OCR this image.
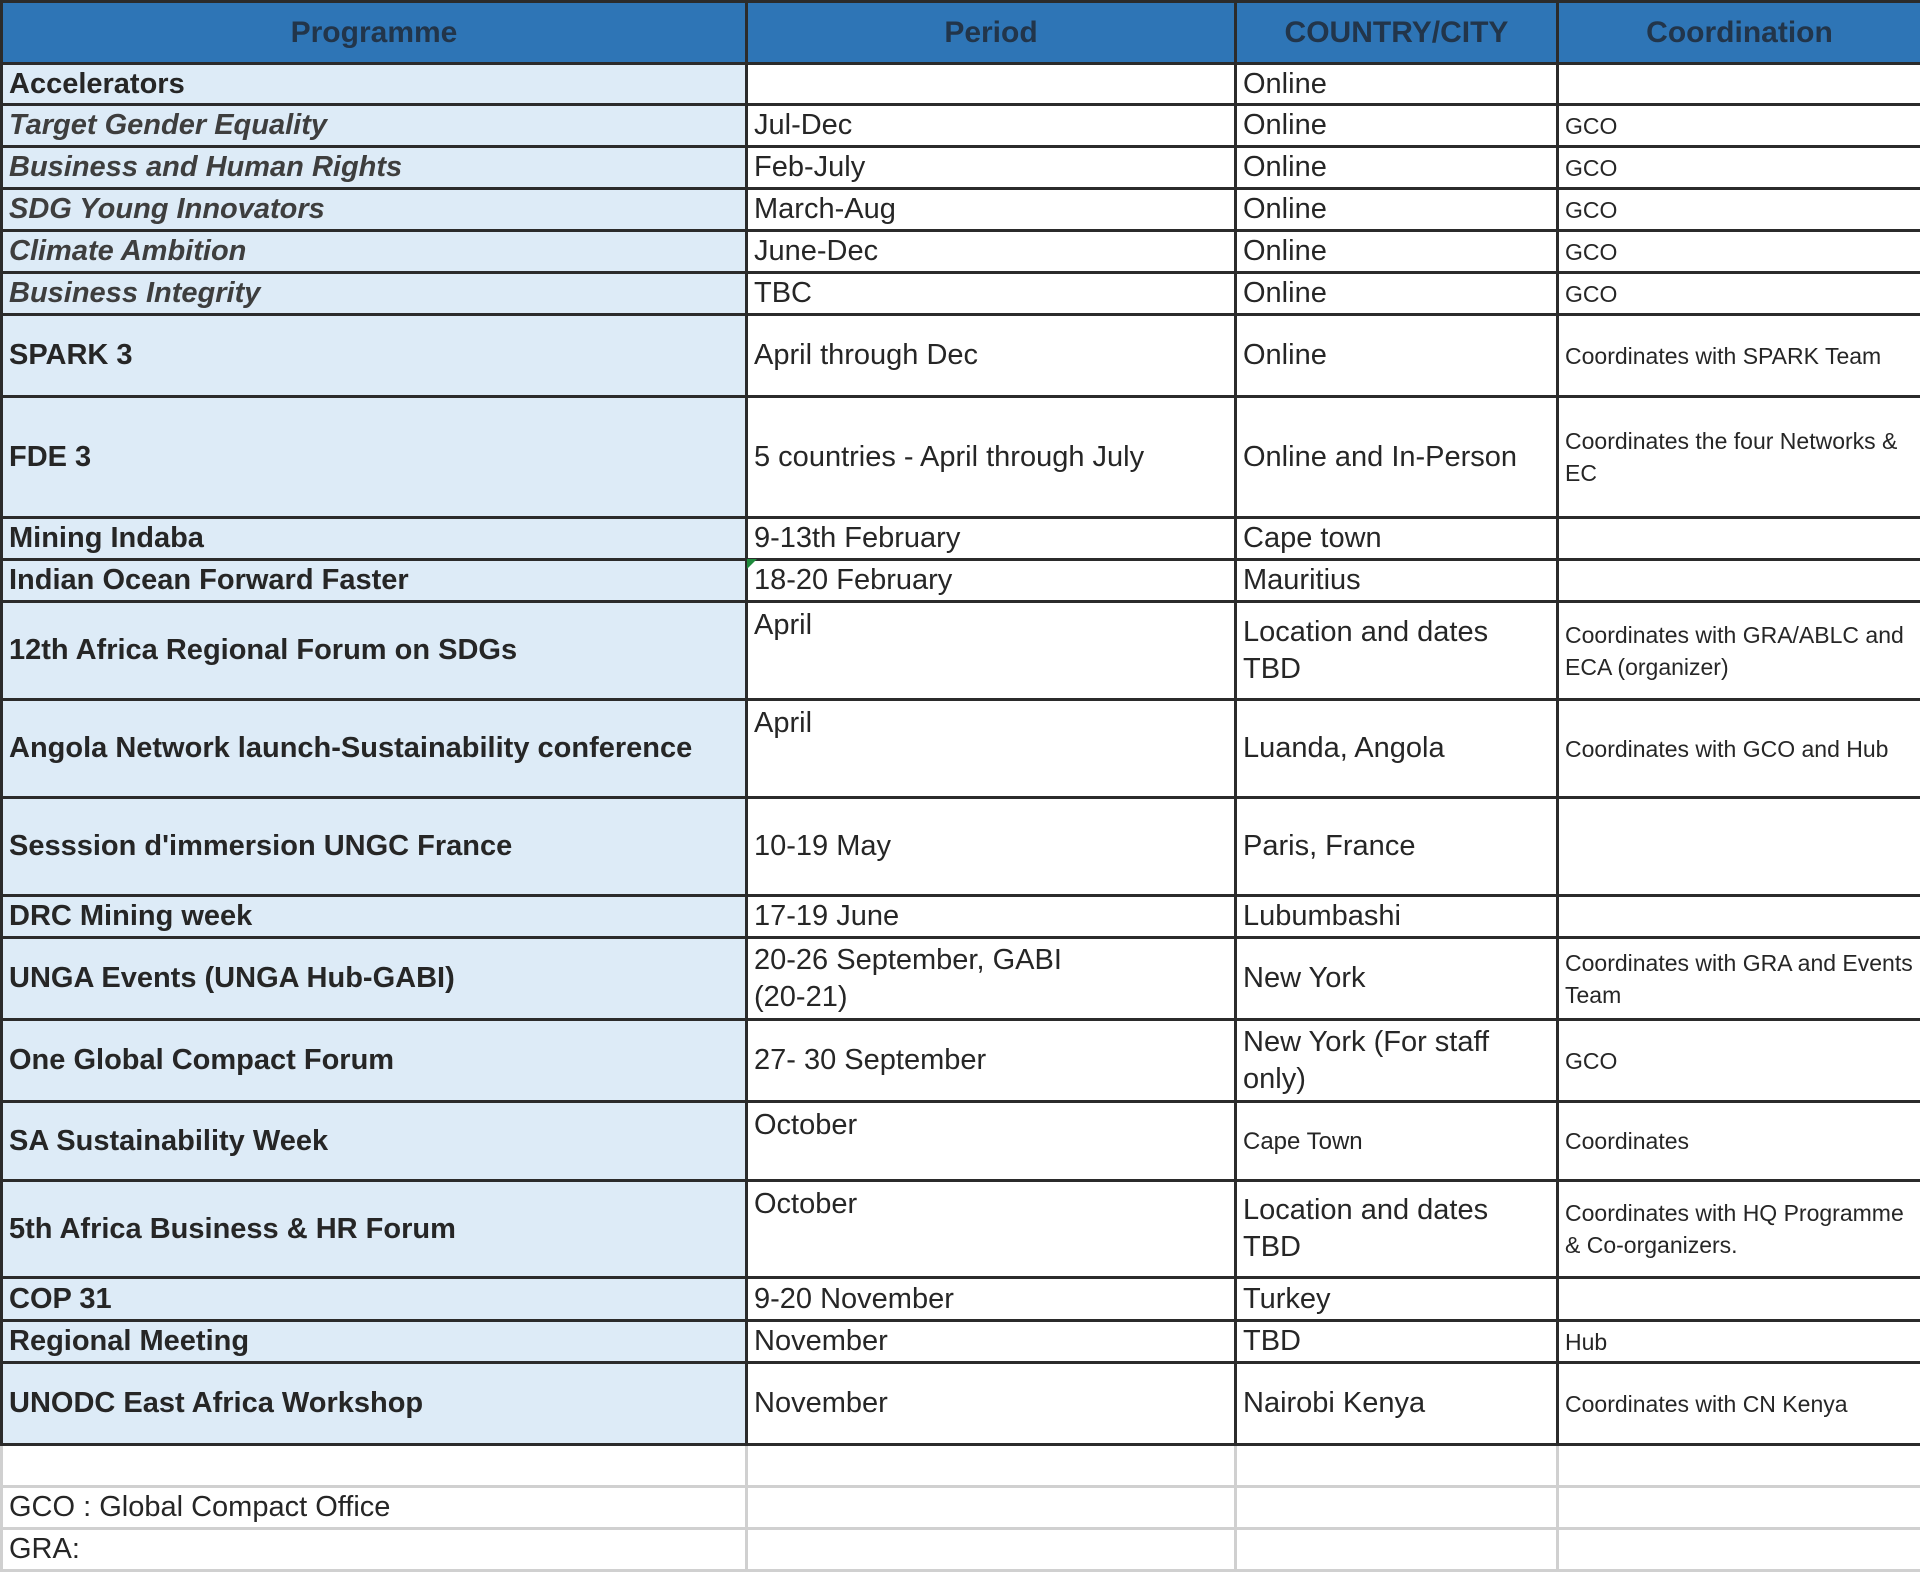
Programme	Period	COUNTRY/CITY	Coordination
Accelerators		Online	
Target Gender Equality	Jul-Dec	Online	GCO
Business and Human Rights	Feb-July	Online	GCO
SDG Young Innovators	March-Aug	Online	GCO
Climate Ambition	June-Dec	Online	GCO
Business Integrity	TBC	Online	GCO
SPARK 3	April through Dec	Online	Coordinates with SPARK Team
FDE 3	5 countries - April through July	Online and In-Person	Coordinates the four Networks & EC
Mining Indaba	9-13th February	Cape town	
Indian Ocean Forward Faster	18-20 February	Mauritius	
12th Africa Regional Forum on SDGs	April	Location and dates TBD	Coordinates with GRA/ABLC and ECA (organizer)
Angola Network launch-Sustainability conference	April	Luanda, Angola	Coordinates with GCO and Hub
Sesssion d'immersion UNGC France	10-19 May	Paris, France	
DRC Mining week	17-19 June	Lubumbashi	
UNGA Events (UNGA Hub-GABI)	20-26 September, GABI (20-21)	New York	Coordinates with GRA and Events Team
One Global Compact Forum	27- 30 September	New York (For staff only)	GCO
SA Sustainability Week	October	Cape Town	Coordinates
5th Africa Business & HR Forum	October	Location and dates TBD	Coordinates with HQ Programme & Co-organizers.
COP 31	9-20 November	Turkey	
Regional Meeting	November	TBD	Hub
UNODC East Africa Workshop	November	Nairobi Kenya	Coordinates with CN Kenya

GCO : Global Compact Office			
GRA:			
